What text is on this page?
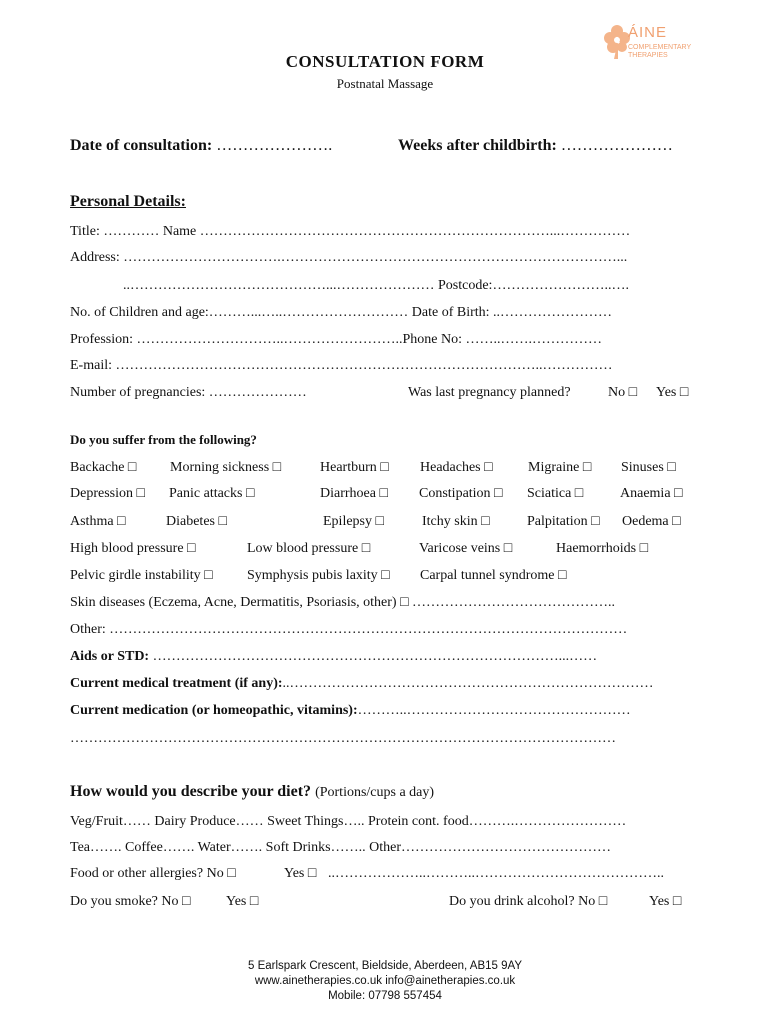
ÁINE
COMPLEMENTARY
THERAPIES
CONSULTATION FORM
Postnatal Massage
Date of consultation: ………………….	Weeks after childbirth: …………………
Personal Details:
Title: ………… Name …………………………………………………………………...……………
Address: …………………………….………………………………………………………………...
..……………………………………...………………… Postcode:……………………..….
No. of Children and age:………...…..……………………… Date of Birth: ..……………………
Profession: …………………………..……………………..Phone No: ……..…….……………
E-mail: ………………………………………………………………………………..……………
Number of pregnancies: …………………	Was last pregnancy planned?	No □ Yes □
Do you suffer from the following?
Backache □ Morning sickness □	Heartburn □ Headaches □	Migraine □ Sinuses □
Depression □ Panic attacks □	Diarrhoea □ Constipation □ Sciatica □	Anaemia □
Asthma □	Diabetes □	Epilepsy □	Itchy skin □	Palpitation □ Oedema □
High blood pressure □	Low blood pressure □	Varicose veins □	Haemorrhoids □
Pelvic girdle instability □ Symphysis pubis laxity □ Carpal tunnel syndrome □
Skin diseases (Eczema, Acne, Dermatitis, Psoriasis, other) □ ……………………………………..
Other: …………………………………………………………………………………………………
Aids or STD: ……………………………………………………………………………...……
Current medical treatment (if any):..……………………………………………………………………
Current medication (or homeopathic, vitamins):………..…………………………………………
………………………………………………………………………………………………………
How would you describe your diet? (Portions/cups a day)
Veg/Fruit…… Dairy Produce…… Sweet Things….. Protein cont. food……….……………………
Tea……. Coffee……. Water……. Soft Drinks…….. Other………………………………………
Food or other allergies? No □	Yes □ ..………………..………..…………………………………..
Do you smoke? No □	Yes □	Do you drink alcohol? No □	Yes □
5 Earlspark Crescent, Bieldside, Aberdeen, AB15 9AY
www.ainetherapies.co.uk info@ainetherapies.co.uk
Mobile: 07798 557454
